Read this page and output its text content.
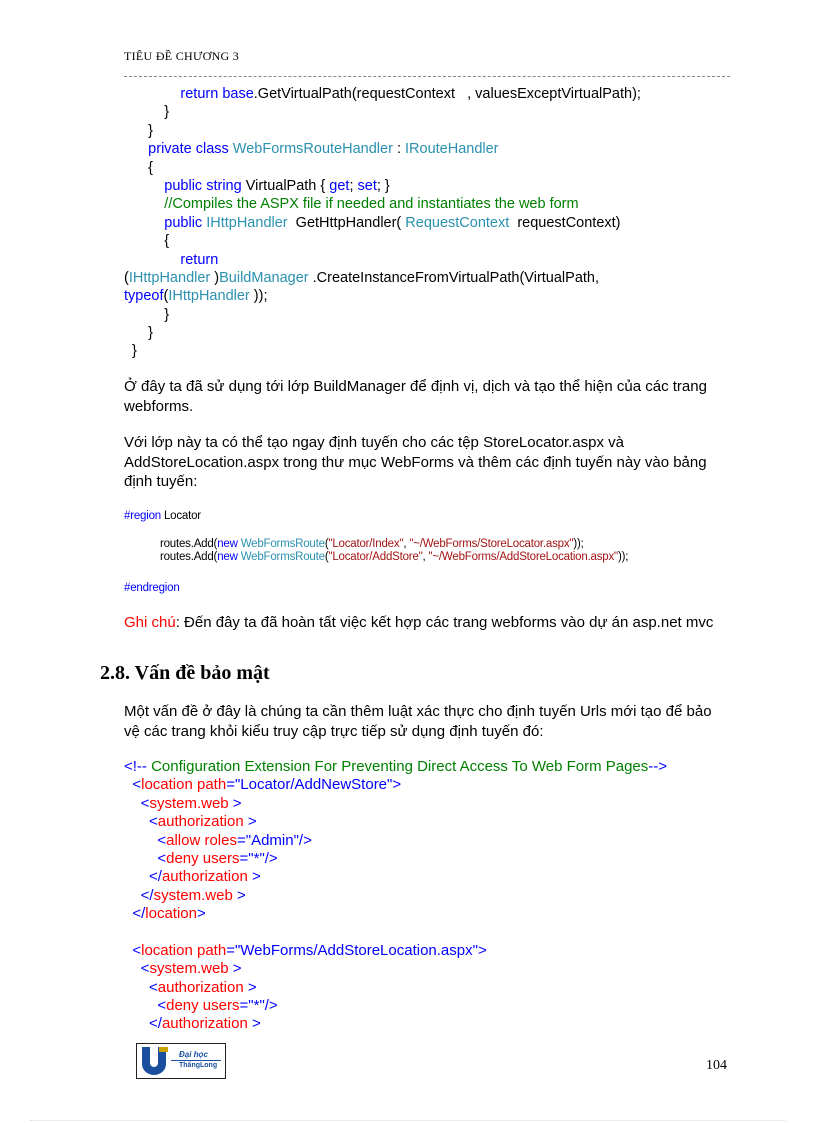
TIÊU ĐỀ CHƯƠNG 3
return base.GetVirtualPath(requestContext   , valuesExceptVirtualPath);
}
}
private class WebFormsRouteHandler : IRouteHandler
{
public string VirtualPath { get; set; }
//Compiles the ASPX file if needed and instantiates the web form
public IHttpHandler  GetHttpHandler( RequestContext  requestContext)
{
return
(IHttpHandler )BuildManager .CreateInstanceFromVirtualPath(VirtualPath,
typeof(IHttpHandler ));
}
}
}
Ở đây ta đã sử dụng tới lớp BuildManager để định vị, dịch và tạo thể hiện của các trang webforms.
Với lớp này ta có thể tạo ngay định tuyến cho các tệp StoreLocator.aspx và AddStoreLocation.aspx trong thư mục WebForms và thêm các định tuyến này vào bảng định tuyến:
#region Locator
routes.Add(new WebFormsRoute("Locator/Index", "~/WebForms/StoreLocator.aspx"));
routes.Add(new WebFormsRoute("Locator/AddStore", "~/WebForms/AddStoreLocation.aspx"));
#endregion
Ghi chú: Đến đây ta đã hoàn tất việc kết hợp các trang webforms vào dự án asp.net mvc
2.8. Vấn đề bảo mật
Một vấn đề ở đây là chúng ta cần thêm luật xác thực cho định tuyến Urls mới tạo để bảo vệ các trang khỏi kiểu truy cập trực tiếp sử dụng định tuyến đó:
<!-- Configuration Extension For Preventing Direct Access To Web Form Pages-->
<location path="Locator/AddNewStore">
<system.web >
<authorization >
<allow roles="Admin"/>
<deny users="*"/>
</authorization >
</system.web >
</location>

<location path="WebForms/AddStoreLocation.aspx">
<system.web >
<authorization >
<deny users="*"/>
</authorization >
Đại học
ThăngLong	104
